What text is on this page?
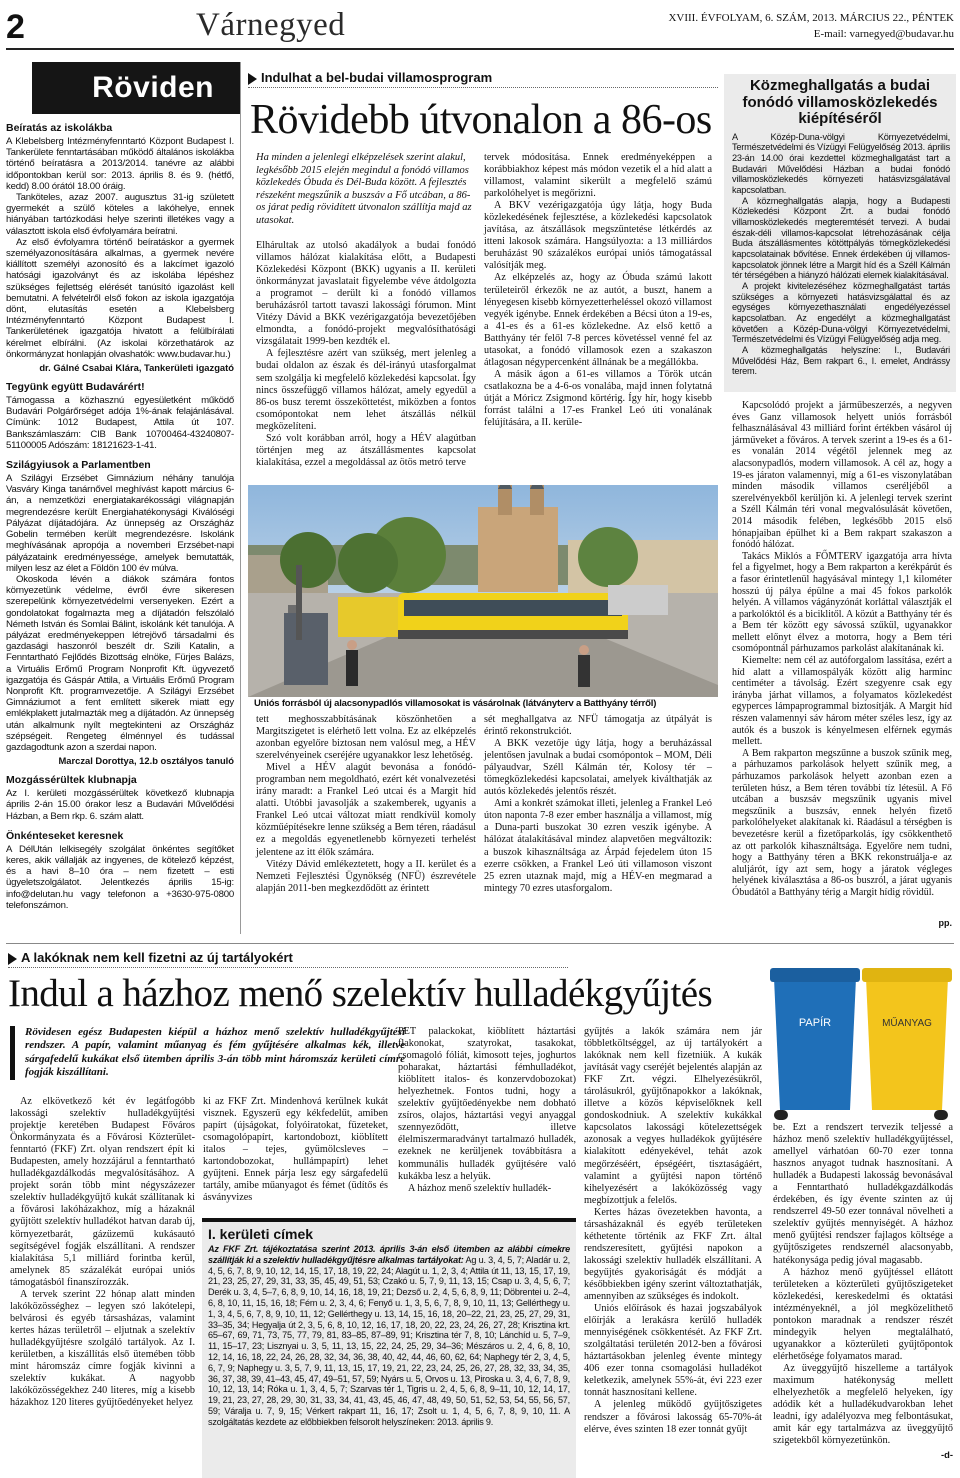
2	Várnegyed	XVIII. ÉVFOLYAM, 6. SZÁM, 2013. MÁRCIUS 22., PÉNTEK
E-mail: varnegyed@budavar.hu
Röviden
Beíratás az iskolákba

A Klebelsberg Intézményfenntartó Központ Budapest I. Tankerülete fenntartásában működő általános iskolákba történő beíratásra a 2013/2014. tanévre az alábbi időpontokban kerül sor: 2013. április 8. és 9. (hétfő, kedd) 8.00 órától 18.00 óráig.

Tanköteles, azaz 2007. augusztus 31-ig született gyermekét a szülő köteles a lakóhelye, ennek hiányában tartózkodási helye szerinti illetékes vagy a választott iskola első évfolyamára beíratni.

Az első évfolyamra történő beíratáskor a gyermek személyazonosítására alkalmas, a gyermek nevére kiállított személyi azonosító és a lakcímet igazoló hatósági igazolványt és az iskolába lépéshez szükséges fejlettség elérését tanúsító igazolást kell bemutatni. A felvételről első fokon az iskola igazgatója dönt, elutasítás esetén a Klebelsberg Intézményfenntartó Központ Budapest I. Tankerületének igazgatója hivatott a felülbírálati kérelmet elbírálni. (Az iskolai körzethatárok az önkormányzat honlapján olvashatók: www.budavar.hu.)

dr. Gálné Csabai Klára, Tankerületi igazgató
Tegyünk együtt Budavárért!

Támogassa a közhasznú egyesületként működő Budavári Polgárőrséget adója 1%-ának felajánlásával. Címünk: 1012 Budapest, Attila út 107. Bankszámlaszám: CIB Bank 10700464-43240807-51100005 Adószám: 18121623-1-41.

Szilágyiusok a Parlamentben

A Szilágyi Erzsébet Gimnázium néhány tanulója Vasváry Kinga tanárnővel meghívást kapott március 6-án, a nemzetközi energiatakarékossági világnapján megrendezésre került Energiahatékonysági Kiválóségi Pályázat díjátadójára. Az ünnepség az Országház Gobelin termében került megrendezésre. Iskolánk meghívásának apropója a novemberi Erzsébet-napi pályázataink eredményessége, amelyek bemutatták, milyen lesz az élet a Földön 100 év múlva.

Okoskoda lévén a diákok számára fontos környezetünk védelme, évről évre sikeresen szerepelünk környezetvédelmi versenyeken. Ezért a gondolatokat fogalmazta meg a díjátadón felszólaló Németh István és Somlai Bálint, iskolánk két tanulója. A pályázat eredményekeppen létrejövő társadalmi és gazdasági haszonról beszélt dr. Szili Katalin, a Fenntartható Fejlődés Bizottság elnöke, Fürjes Balázs, a Virtuális Erőmű Program Nonprofit Kft. ügyvezető igazgatója és Gáspár Attila, a Virtuális Erőmű Program Nonprofit Kft. programvezetője. A Szilágyi Erzsébet Gimnáziumot a fent említett sikerek miatt egy emlékplakett jutalmazták meg a díjátadón. Az ünnepség után alkalmunk nyílt megtekinteni az Országház szépségeit. Rengeteg élménnyel és tudással gazdagodtunk azon a szerdai napon.

Marczal Dorottya, 12.b osztályos tanuló
Mozgássérültek klubnapja

Az I. kerületi mozgássérültek következő klubnapja április 2-án 15.00 órakor lesz a Budavári Művelődési Házban, a Bem rkp. 6. szám alatt.

Önkénteseket keresnek

A DélUtán lelkisegély szolgálat önkéntes segítőket keres, akik vállalják az ingyenes, de kötelező képzést, és a havi 8–10 óra – nem fizetett – esti ügyeletszolgálatot. Jelentkezés április 15-ig: info@delutan.hu vagy telefonon a +3630-975-0800 telefonszámon.

Indulhat a bel-budai villamosprogram
Rövidebb útvonalon a 86-os
Ha minden a jelenlegi elképzelések szerint alakul, legkésőbb 2015 elején megindul a fonódó villamos közlekedés Óbuda és Dél-Buda között. A fejlesztés részeként megszűnik a buszsáv a Fő utcában, a 86-os járat pedig rövidített útvonalon szállítja majd az utasokat.

Elhárultak az utolsó akadályok a budai fonódó villamos hálózat kialakítása előtt, a Budapesti Közlekedési Központ (BKK) ugyanis a II. kerületi önkormányzat javaslatait figyelembe véve átdolgozta a programot – derült ki a fonódó villamos beruházásról tartott tavaszi lakossági fórumon. Mint Vitézy Dávid a BKK vezérigazgatója bevezetőjében elmondta, a fonódó-projekt megvalósíthatósági vizsgálatait 1999-ben kezdték el.

A fejlesztésre azért van szükség, mert jelenleg a budai oldalon az észak és dél-irányú utasforgalmat sem szolgálja ki megfelelő közlekedési kapcsolat. Így nincs összefüggő villamos hálózat, amely egyedül a 86-os busz teremt összeköttetést, miközben a fontos csomópontokat nem lehet átszállás nélkül megközelíteni.

Szó volt korábban arról, hogy a HÉV alagútban történjen meg az átszállásmentes kapcsolat kialakítása, ezzel a megoldással az ötös metró terve

tervek módosítása. Ennek eredményeképpen a korábbiakhoz képest más módon vezetik el a híd alatt a villamost, valamint sikerült a megfelelő számú parkolóhelyet is megőrizni.

A BKV vezérigazgatója úgy látja, hogy Buda közlekedésének fejlesztése, a közlekedési kapcsolatok javítása, az átszállások megszüntetése létkérdés az itteni lakosok számára. Hangsúlyozta: a 13 milliárdos beruházást 90 százalékos európai uniós támogatással valósítják meg.

Az elképzelés az, hogy az Óbuda számú lakott területeiről érkezők ne az autót, a buszt, hanem a lényegesen kisebb környezetterheléssel okozó villamost vegyék igénybe. Ennek érdekében a Bécsi úton a 19-es, a 41-es és a 61-es közlekedne. Az első kettő a Batthyány tér felől 7-8 perces követéssel venné fel az utasokat, a fonódó villamosok ezen a szakaszon átlagosan négypercenként állnának be a megállókba.

A másik ágon a 61-es villamos a Török utcán csatlakozna be a 4-6-os vonalába, majd innen folytatná útját a Móricz Zsigmond körtérig. Így hír, hogy kisebb forrást találni a 17-es Frankel Leó úti vonalának felújítására, a II. kerüle-

Uniós forrásból új alacsonypadlós villamosokat is vásárolnak (látványterv a Batthyány térről)

tett meghosszabbításának köszönhetően a Margitszigetet is elérhető lett volna. Ez az elképzelés azonban egyelőre biztosan nem valósul meg, a HÉV szerelvényeinek cseréjére ugyanakkor lesz lehetőség.

Mivel a HÉV alagút bevonása a fonódó-programban nem megoldható, ezért két vonalvezetési irány maradt: a Frankel Leó utcai és a Margit híd alatti. Utóbbi javasolják a szakemberek, ugyanis a Frankel Leó utcai változat miatt rendkívül komoly közműépítésekre lenne szükség a Bem téren, ráadásul ez a megoldás egyenetlenebb környezeti terhelést jelentene az itt élők számára.

Vitézy Dávid emlékeztetett, hogy a II. kerület és a Nemzeti Fejlesztési Ügynökség (NFÜ) észrevétele alapján 2011-ben megkezdődött az érintett

sét meghallgatva az NFÜ támogatja az útpályát is érintő rekonstrukciót.

A BKK vezetője úgy látja, hogy a beruházással jelentősen javulnak a budai csomópontok – MOM, Déli pályaudvar, Széll Kálmán tér, Kolosy tér – tömegközlekedési kapcsolatai, amelyek kiválthatják az autós közlekedés jelentős részét.

Ami a konkrét számokat illeti, jelenleg a Frankel Leó úton naponta 7-8 ezer ember használja a villamost, míg a Duna-parti buszokat 30 ezren veszik igénybe. A hálózat átalakításával mindez alapvetően megváltozik: a buszok kihasználtsága az Árpád fejedelem úton 15 ezerre csökken, a Frankel Leó úti villamoson viszont 25 ezren utaznak majd, míg a HÉV-en megmarad a mintegy 70 ezres utasforgalom.

Közmeghallgatás a budai fonódó villamosközlekedés kiépítéséről

A Közép-Duna-völgyi Környezetvédelmi, Természetvédelmi és Vízügyi Felügyelőség 2013. április 23-án 14.00 órai kezdettel közmeghallgatást tart a Budavári Művelődési Házban a budai fonódó villamosközlekedés környezeti hatásvizsgálatával kapcsolatban.

A közmeghallgatás alapja, hogy a Budapesti Közlekedési Központ Zrt. a budai fonódó villamosközlekedés megteremtését tervezi. A budai észak-déli villamos-kapcsolat létrehozásának célja Buda átszállásmentes kötöttpályás tömegközlekedési kapcsolatainak bővítése. Ennek érdekében új villamos-kapcsolatok jönnek létre a Margit híd és a Széll Kálmán tér térségében a hiányzó hálózati elemek kialakításával.

A projekt kivitelezéséhez közmeghallgatást tartás szükséges a környezeti hatásvizsgálattal és az egységes környezethasználati engedélyezéssel kapcsolatban. Az engedélyt a közmeghallgatást követően a Közép-Duna-völgyi Környezetvédelmi, Természetvédelmi és Vízügyi Felügyelőség adja meg.

A közmeghallgatás helyszíne: I., Budavári Művelődési Ház, Bem rakpart 6., I. emelet, Andrássy terem.

Kapcsolódó projekt a járműbeszerzés, a negyven éves Ganz villamosok helyett uniós forrásból felhasználásával 43 milliárd forint értékben vásárol új járműveket a főváros. A tervek szerint a 19-es és a 61-es vonalán 2014 végétől jelennek meg az alacsonypadlós, modern villamosok. A cél az, hogy a 19-es járaton valamennyi, míg a 61-es viszonylatában minden második villamos cseréljéből a szerelvényekből kerüljön ki. A jelenlegi tervek szerint a Széll Kálmán téri vonal megvalósulását követően, 2014 második felében, legkésőbb 2015 első hónapjaiban épülhet ki a Bem rakpart szakaszon a fonódó hálózat.

Takács Miklós a FŐMTERV igazgatója arra hívta fel a figyelmet, hogy a Bem rakparton a kerékpárút és a fasor érintetlenül hagyásával mintegy 1,1 kilométer hosszú új pálya épülne a mai 45 fokos parkolók helyén. A villamos vágányzónát korláttal választják el a parkolóktól és a biciklitől. A közút a Batthyány tér és a Bem tér között egy sávossá szűkül, ugyanakkor mellett előnyt élvez a motorra, hogy a Bem téri csomópontnál párhuzamos parkolást alakítanának ki.

Kiemelte: nem cél az autóforgalom lassítása, ezért a híd alatt a villamospályák között alig harminc centiméter a távolság. Ezért szegyenre csak egy irányba járhat villamos, a folyamatos közlekedést egyperces lámpaprogrammal biztosítják. A Margit híd részen valamennyi sáv három méter széles lesz, így az autók és a buszok is kényelmesen elférnek egymás mellett.

A Bem rakparton megszűnne a buszok szűnik meg, a párhuzamos parkolások helyett szűnik meg, a párhuzamos parkolások helyett azonban ezen a területen húsz, a Bem téren további tíz létesül. A Fő utcában a buszsáv megszűnik ugyanis mivel megszűnik a buszsáv, ennek helyén fizető parkolóhelyeket alakítanak ki. Ráadásul a térségben is bevezetésre kerül a fizetőparkolás, így csökkenthető az ott parkolók kihasználtsága. Egyelőre nem tudni, hogy a Batthyány téren a BKK rekonstruálja-e az aluljárót, így azt sem, hogy a járatok végleges helyének kiválasztása a 86-os buszról, a járat ugyanis Óbudától a Batthyány térig a Margit hídig rövidül.

pp.
A lakóknak nem kell fizetni az új tartályokért
Indul a házhoz menő szelektív hulladékgyűjtés
Rövidesen egész Budapesten kiépül a házhoz menő szelektív hulladékgyűjtési rendszer. A papír, valamint műanyag és fém gyűjtésére alkalmas kék, illetve sárgafedelű kukákat első ütemben április 3-án több mint háromszáz kerületi címre fogják kiszállítani.
PAPÍR	MŰANYAG

Az elkövetkező két év legátfogóbb lakossági szelektív hulladékgyűjtési projektje keretében Budapest Főváros Önkormányzata és a Fővárosi Közterület-fenntartó (FKF) Zrt. olyan rendszert épít ki Budapesten, amely hozzájárul a fenntartható hulladékgazdálkodás megvalósításához. A projekt során több mint négyszázezer szelektív hulladékgyűjtő kukát szállítanak ki a fővárosi lakóházakhoz, míg a házaknál gyűjtött szelektív hulladékot hatvan darab új, környezetbarát, gázüzemű kukásautó segítségével fogják elszállítani. A rendszer kialakítása 5,1 milliárd forintba kerül, amelynek 85 százalékát európai uniós támogatásból finanszírozzák.

A tervek szerint 22 hónap alatt minden lakóközösséghez – legyen szó lakótelepi, belvárosi és egyéb társasházas, valamint kertes házas területről – eljutnak a szelektív hulladékgyűjtésre szolgáló tartályok. Az I. kerületben, a kiszállítás első ütemében több mint háromszáz címre fogják kivinni a szelektív kukákat. A nagyobb lakóközösségekhez 240 literes, míg a kisebb házakhoz 120 literes gyűjtőedényeket helyez

ki az FKF Zrt. Mindenhová kerülnek kukát visznek. Egyszerű egy kékfedelűt, amiben papírt (újságokat, folyóiratokat, füzeteket, csomagolópapírt, kartondobozt, kiöblített italos – tejes, gyümölcsleves – kartondobozokat, hullámpapírt) lehet gyűjteni. Ennek párja lesz egy sárgafedelű tartály, amibe műanyagot és fémet (üdítős és ásványvizes

PET palackokat, kiöblített háztartási flakonokat, szatyrokat, tasakokat, csomagoló fóliát, kimosott tejes, joghurtos poharakat, háztartási fémhulladékot, kiöblített italos- és konzervdobozokat) helyezhetnek. Fontos tudni, hogy a szelektív gyűjtőedényekbe nem dobható zsíros, olajos, háztartási vegyi anyaggal szennyeződött, illetve élelmiszermaradványt tartalmazó hulladék, ezeknek ne kerüljenek továbbításra a kommunális hulladék gyűjtésére való kukákba lesz a helyük.

A házhoz menő szelektív hulladék-

gyűjtés a lakók számára nem jár többletköltséggel, az új tartályokért a lakóknak nem kell fizetniük. A kukák javítását vagy cseréjét bejelentés alapján az FKF Zrt. végzi. Elhelyezésükről, tárolásukról, gyűjtőnapokkor a lakóknak, illetve a közös képviselőknek kell gondoskodniuk. A szelektív kukákkal kapcsolatos lakossági kötelezettségek azonosak a vegyes hulladékok gyűjtésére kialakított edényekével, tehát azok megőrzéséért, épségéért, tisztaságáért, valamint a gyűjtési napon történő kihelyezésért a lakóközösség vagy megbízottjuk a felelős.

Kertes házas övezetekben havonta, a társasházaknál és egyéb területeken kéthetente történik az FKF Zrt. által rendszeresített, gyűjtési napokon a lakossági szelektív hulladék elszállítani. A begyűjtés gyakoriságát és módját a későbbiekben igény szerint változtathatják, amennyiben az szükséges és indokolt.

Uniós előírások és hazai jogszabályok előírják a lerakásra kerülő hulladék mennyiségének csökkentését. Az FKF Zrt. szolgáltatási területén 2012-ben a fővárosi háztartásokban jelenleg évente mintegy 406 ezer tonna csomagolási hulladékot keletkezik, amelynek 55%-át, évi 223 ezer tonnát hasznosítani kellene.

A jelenleg működő gyűjtőszigetes rendszer a fővárosi lakosság 65-70%-át elérve, éves szinten 18 ezer tonnát gyűjt

be. Ezt a rendszert tervezik teljessé a házhoz menő szelektív hulladékgyűjtéssel, amellyel várhatóan 60-70 ezer tonna hasznos anyagot tudnak hasznosítani. A hulladék a Budapesti lakosság bevonásával a Fenntartható hulladékgazdálkodás érdekében, és így évente szinten az új rendszerrel 49-50 ezer tonnával növelheti a szelektív gyűjtés mennyiségét. A házhoz menő gyűjtési rendszer fajlagos költsége a gyűjtőszigetes rendszernél alacsonyabb, hatékonysága pedig jóval magasabb.

A házhoz menő gyűjtéssel ellátott területeken a közterületi gyűjtőszigeteket közlekedési, kereskedelmi és oktatási intézményeknél, a jól megközelíthető pontokon maradnak a rendszer részét mindegyik helyen megtalálható, ugyanakkor a közterületi gyűjtőpontok elérhetősége folyamatos marad.

Az üveggyűjtő hiszelleme a tartályok maximum hatékonyság mellett elhelyezhetők a megfelelő helyeken, így adódik két a hulladékudvarokban lehet leadni, így adalélyozva meg felbontásukat, amit kár egy tartalmázva az üveggyűjtő szigetekből környezetünkön.

-d-
I. kerületi címek
Az FKF Zrt. tájékoztatása szerint 2013. április 3-án első ütemben az alábbi címekre szállítják ki a szelektív hulladékgyűjtésre alkalmas tartályokat: Ag u. 3, 4, 5, 7; Aladár u. 2, 4, 5, 6, 7, 8, 9, 10, 12, 14, 15, 17, 18, 19, 22, 24; Alagút u. 1, 2, 3, 4; Attila út 11, 13, 15, 17, 19, 21, 23, 25, 27, 29, 31, 33, 35, 45, 49, 51, 53; Czakó u. 5, 7, 9, 11, 13, 15; Csap u. 3, 4, 5, 6, 7; Derék u. 3, 4, 5–7, 6, 8, 9, 10, 14, 16, 18, 19, 21; Dezső u. 2, 4, 5, 6, 8, 9, 11; Döbrentei u. 2–4, 6, 8, 10, 11, 15, 16, 18; Fém u. 2, 3, 4, 6; Fenyő u. 1, 3, 5, 6, 7, 8, 9, 10, 11, 13; Gellérthegy u. 1, 3, 4, 5, 6, 7, 8, 9, 10, 11, 12; Gellérthegy u. 13, 14, 15, 16, 18, 20–22, 21, 23, 25, 27, 29, 31, 33–35, 34; Hegyalja út 2, 3, 5, 6, 8, 10, 12, 16, 17, 18, 20, 22, 23, 24, 26, 27, 28; Krisztina krt. 65–67, 69, 71, 73, 75, 77, 79, 81, 83–85, 87–89, 91; Krisztina tér 7, 8, 10; Lánchíd u. 5, 7–9, 11, 15–17, 23; Lisznyai u. 3, 5, 11, 13, 15, 22, 24, 25, 29, 34–36; Mészáros u. 2, 4, 6, 8, 10, 12, 14, 16, 18, 22, 24, 26, 28, 32, 34, 36, 38, 40, 42, 44, 46, 60, 62, 64; Naphegy tér 2, 3, 4, 5, 6, 7, 9; Naphegy u. 3, 5, 7, 9, 11, 13, 15, 17, 19, 21, 22, 23, 24, 25, 26, 27, 28, 32, 33, 34, 35, 36, 37, 38, 39, 41–43, 45, 47, 49–51, 57, 59; Nyárs u. 5, Orvos u. 13, Piroska u. 3, 4, 6, 7, 8, 9, 10, 12, 13, 14; Róka u. 1, 3, 4, 5, 7; Szarvas tér 1, Tigris u. 2, 4, 5, 6, 8, 9–11, 10, 12, 14, 17, 19, 21, 23, 27, 28, 29, 30, 31, 33, 34, 41, 43, 45, 46, 47, 48, 49, 50, 51, 52, 53, 54, 55, 56, 57, 59; Váralja u. 7, 9, 15; Vérkert rakpart 11, 16, 17; Zsolt u. 1, 4, 5, 6, 7, 8, 9, 10, 11. A szolgáltatás kezdete az előbbiekben felsorolt helyszíneken: 2013. április 9.
